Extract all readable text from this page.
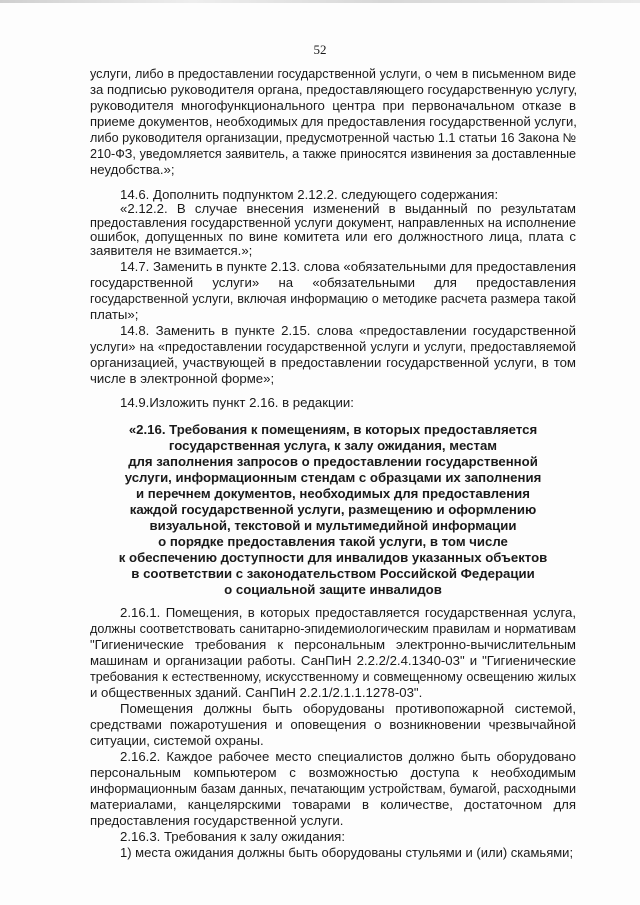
52
услуги, либо в предоставлении государственной услуги, о чем в письменном виде
за подписью руководителя органа, предоставляющего государственную услугу,
руководителя многофункционального центра при первоначальном отказе в
приеме документов, необходимых для предоставления государственной услуги,
либо руководителя организации, предусмотренной частью 1.1 статьи 16 Закона №
210-ФЗ, уведомляется заявитель, а также приносятся извинения за доставленные
неудобства.»;
14.6. Дополнить подпунктом 2.12.2. следующего содержания:
«2.12.2. В случае внесения изменений в выданный по результатам
предоставления государственной услуги документ, направленных на исполнение
ошибок, допущенных по вине комитета или его должностного лица, плата с
заявителя не взимается.»;
14.7. Заменить в пункте 2.13. слова «обязательными для предоставления
государственной услуги» на «обязательными для предоставления
государственной услуги, включая информацию о методике расчета размера такой
платы»;
14.8. Заменить в пункте 2.15. слова «предоставлении государственной
услуги» на «предоставлении государственной услуги и услуги, предоставляемой
организацией, участвующей в предоставлении государственной услуги, в том
числе в электронной форме»;
14.9.Изложить пункт 2.16. в редакции:
«2.16. Требования к помещениям, в которых предоставляется
государственная услуга, к залу ожидания, местам
для заполнения запросов о предоставлении государственной
услуги, информационным стендам с образцами их заполнения
и перечнем документов, необходимых для предоставления
каждой государственной услуги, размещению и оформлению
визуальной, текстовой и мультимедийной информации
о порядке предоставления такой услуги, в том числе
к обеспечению доступности для инвалидов указанных объектов
в соответствии с законодательством Российской Федерации
о социальной защите инвалидов
2.16.1. Помещения, в которых предоставляется государственная услуга,
должны соответствовать санитарно-эпидемиологическим правилам и нормативам
"Гигиенические требования к персональным электронно-вычислительным
машинам и организации работы. СанПиН 2.2.2/2.4.1340-03" и "Гигиенические
требования к естественному, искусственному и совмещенному освещению жилых
и общественных зданий. СанПиН 2.2.1/2.1.1.1278-03".
Помещения должны быть оборудованы противопожарной системой,
средствами пожаротушения и оповещения о возникновении чрезвычайной
ситуации, системой охраны.
2.16.2. Каждое рабочее место специалистов должно быть оборудовано
персональным компьютером с возможностью доступа к необходимым
информационным базам данных, печатающим устройствам, бумагой, расходными
материалами, канцелярскими товарами в количестве, достаточном для
предоставления государственной услуги.
2.16.3. Требования к залу ожидания:
1) места ожидания должны быть оборудованы стульями и (или) скамьями;
